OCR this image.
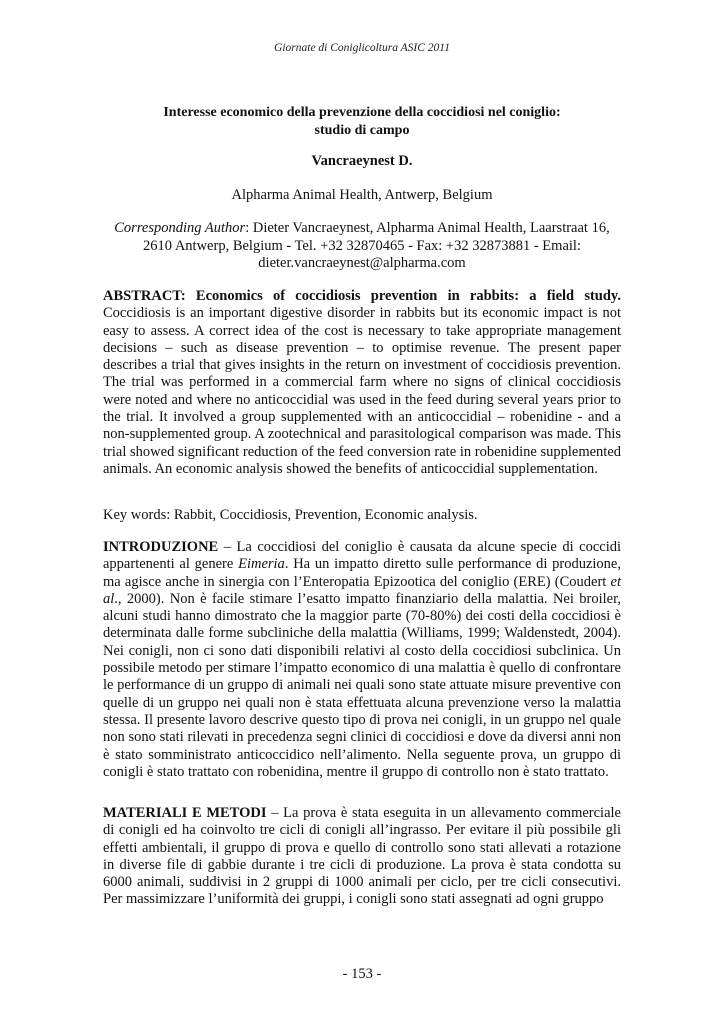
Giornate di Coniglicoltura ASIC 2011
Interesse economico della prevenzione della coccidiosi nel coniglio:
studio di campo
Vancraeynest D.
Alpharma Animal Health, Antwerp, Belgium
Corresponding Author: Dieter Vancraeynest, Alpharma Animal Health, Laarstraat 16,
2610 Antwerp, Belgium - Tel. +32 32870465 - Fax: +32 32873881 - Email:
dieter.vancraeynest@alpharma.com

ABSTRACT: Economics of coccidiosis prevention in rabbits: a field study. Coccidiosis is an important digestive disorder in rabbits but its economic impact is not easy to assess. A correct idea of the cost is necessary to take appropriate management decisions – such as disease prevention – to optimise revenue. The present paper describes a trial that gives insights in the return on investment of coccidiosis prevention. The trial was performed in a commercial farm where no signs of clinical coccidiosis were noted and where no anticoccidial was used in the feed during several years prior to the trial. It involved a group supplemented with an anticoccidial – robenidine - and a non-supplemented group. A zootechnical and parasitological comparison was made. This trial showed significant reduction of the feed conversion rate in robenidine supplemented animals. An economic analysis showed the benefits of anticoccidial supplementation.

Key words: Rabbit, Coccidiosis, Prevention, Economic analysis.

INTRODUZIONE – La coccidiosi del coniglio è causata da alcune specie di coccidi appartenenti al genere Eimeria. Ha un impatto diretto sulle performance di produzione, ma agisce anche in sinergia con l’Enteropatia Epizootica del coniglio (ERE) (Coudert et al., 2000). Non è facile stimare l’esatto impatto finanziario della malattia. Nei broiler, alcuni studi hanno dimostrato che la maggior parte (70-80%) dei costi della coccidiosi è determinata dalle forme subcliniche della malattia (Williams, 1999; Waldenstedt, 2004). Nei conigli, non ci sono dati disponibili relativi al costo della coccidiosi subclinica. Un possibile metodo per stimare l’impatto economico di una malattia è quello di confrontare le performance di un gruppo di animali nei quali sono state attuate misure preventive con quelle di un gruppo nei quali non è stata effettuata alcuna prevenzione verso la malattia stessa. Il presente lavoro descrive questo tipo di prova nei conigli, in un gruppo nel quale non sono stati rilevati in precedenza segni clinici di coccidiosi e dove da diversi anni non è stato somministrato anticoccidico nell’alimento. Nella seguente prova, un gruppo di conigli è stato trattato con robenidina, mentre il gruppo di controllo non è stato trattato.

MATERIALI E METODI – La prova è stata eseguita in un allevamento commerciale di conigli ed ha coinvolto tre cicli di conigli all’ingrasso. Per evitare il più possibile gli effetti ambientali, il gruppo di prova e quello di controllo sono stati allevati a rotazione in diverse file di gabbie durante i tre cicli di produzione. La prova è stata condotta su 6000 animali, suddivisi in 2 gruppi di 1000 animali per ciclo, per tre cicli consecutivi. Per massimizzare l’uniformità dei gruppi, i conigli sono stati assegnati ad ogni gruppo

- 153 -
